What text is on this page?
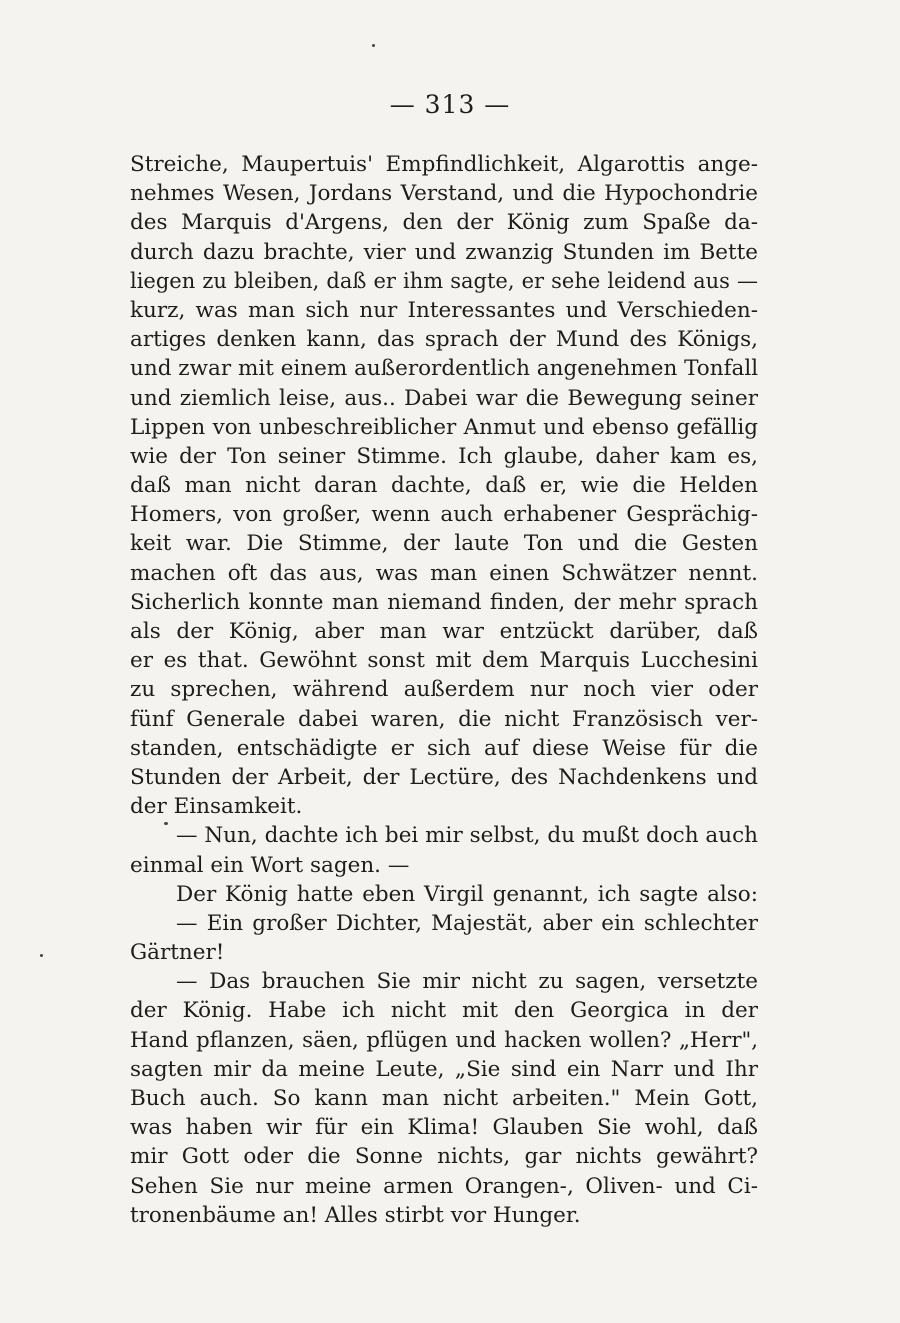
— 313 —
Streiche, Maupertuis' Empfindlichkeit, Algarottis ange-
nehmes Wesen, Jordans Verstand, und die Hypochondrie
des Marquis d'Argens, den der König zum Spaße da-
durch dazu brachte, vier und zwanzig Stunden im Bette
liegen zu bleiben, daß er ihm sagte, er sehe leidend aus —
kurz, was man sich nur Interessantes und Verschieden-
artiges denken kann, das sprach der Mund des Königs,
und zwar mit einem außerordentlich angenehmen Tonfall
und ziemlich leise, aus.. Dabei war die Bewegung seiner
Lippen von unbeschreiblicher Anmut und ebenso gefällig
wie der Ton seiner Stimme. Ich glaube, daher kam es,
daß man nicht daran dachte, daß er, wie die Helden
Homers, von großer, wenn auch erhabener Gesprächig-
keit war. Die Stimme, der laute Ton und die Gesten
machen oft das aus, was man einen Schwätzer nennt.
Sicherlich konnte man niemand finden, der mehr sprach
als der König, aber man war entzückt darüber, daß
er es that. Gewöhnt sonst mit dem Marquis Lucchesini
zu sprechen, während außerdem nur noch vier oder
fünf Generale dabei waren, die nicht Französisch ver-
standen, entschädigte er sich auf diese Weise für die
Stunden der Arbeit, der Lectüre, des Nachdenkens und
der Einsamkeit.
— Nun, dachte ich bei mir selbst, du mußt doch auch
einmal ein Wort sagen. —
Der König hatte eben Virgil genannt, ich sagte also:
— Ein großer Dichter, Majestät, aber ein schlechter
Gärtner!
— Das brauchen Sie mir nicht zu sagen, versetzte
der König. Habe ich nicht mit den Georgica in der
Hand pflanzen, säen, pflügen und hacken wollen? „Herr",
sagten mir da meine Leute, „Sie sind ein Narr und Ihr
Buch auch. So kann man nicht arbeiten." Mein Gott,
was haben wir für ein Klima! Glauben Sie wohl, daß
mir Gott oder die Sonne nichts, gar nichts gewährt?
Sehen Sie nur meine armen Orangen-, Oliven- und Ci-
tronenbäume an! Alles stirbt vor Hunger.
